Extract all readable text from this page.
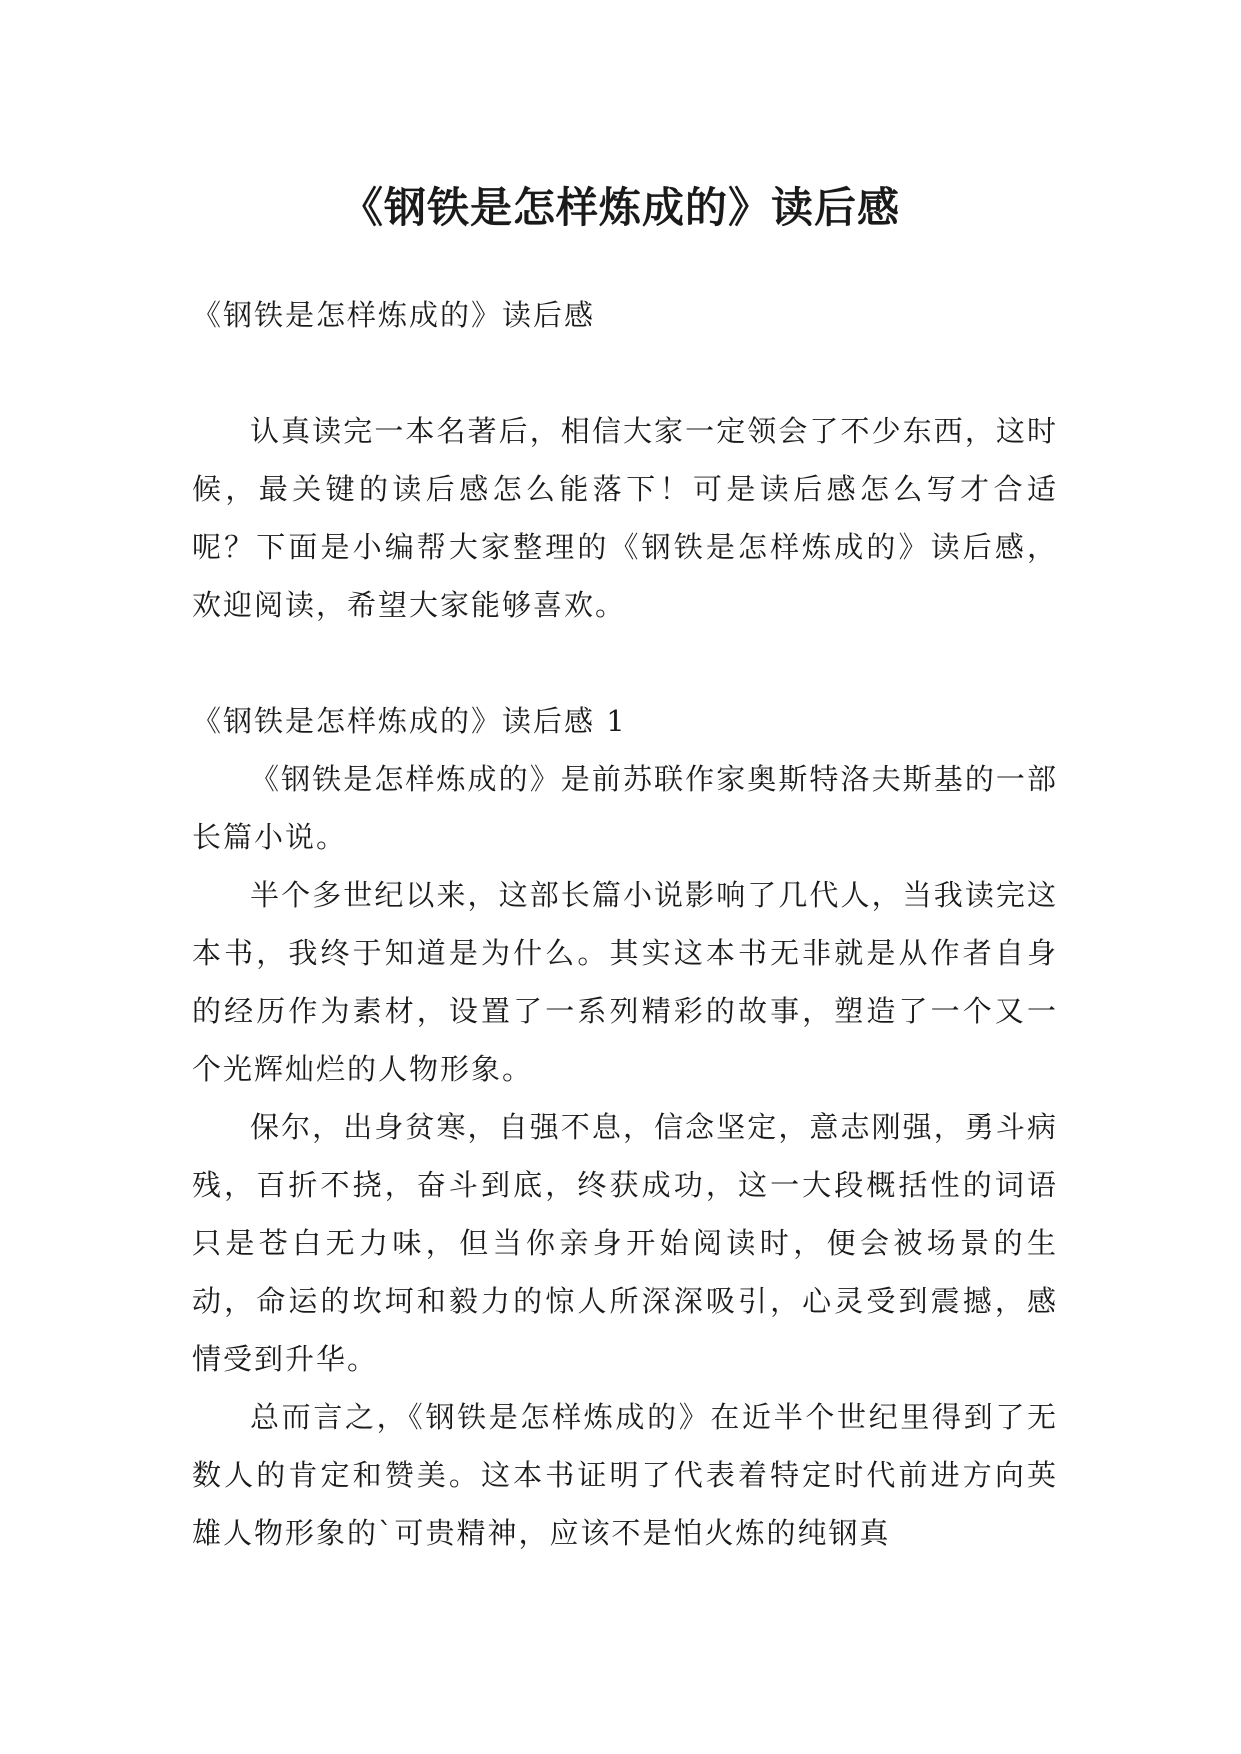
《钢铁是怎样炼成的》读后感

《钢铁是怎样炼成的》读后感

认真读完一本名著后，相信大家一定领会了不少东西，这时候，最关键的读后感怎么能落下！可是读后感怎么写才合适呢？下面是小编帮大家整理的《钢铁是怎样炼成的》读后感，欢迎阅读，希望大家能够喜欢。

《钢铁是怎样炼成的》读后感 1

《钢铁是怎样炼成的》是前苏联作家奥斯特洛夫斯基的一部长篇小说。

半个多世纪以来，这部长篇小说影响了几代人，当我读完这本书，我终于知道是为什么。其实这本书无非就是从作者自身的经历作为素材，设置了一系列精彩的故事，塑造了一个又一个光辉灿烂的人物形象。

保尔，出身贫寒，自强不息，信念坚定，意志刚强，勇斗病残，百折不挠，奋斗到底，终获成功，这一大段概括性的词语只是苍白无力味，但当你亲身开始阅读时，便会被场景的生动，命运的坎坷和毅力的惊人所深深吸引，心灵受到震撼，感情受到升华。

总而言之，《钢铁是怎样炼成的》在近半个世纪里得到了无数人的肯定和赞美。这本书证明了代表着特定时代前进方向英雄人物形象的`可贵精神，应该不是怕火炼的纯钢真
